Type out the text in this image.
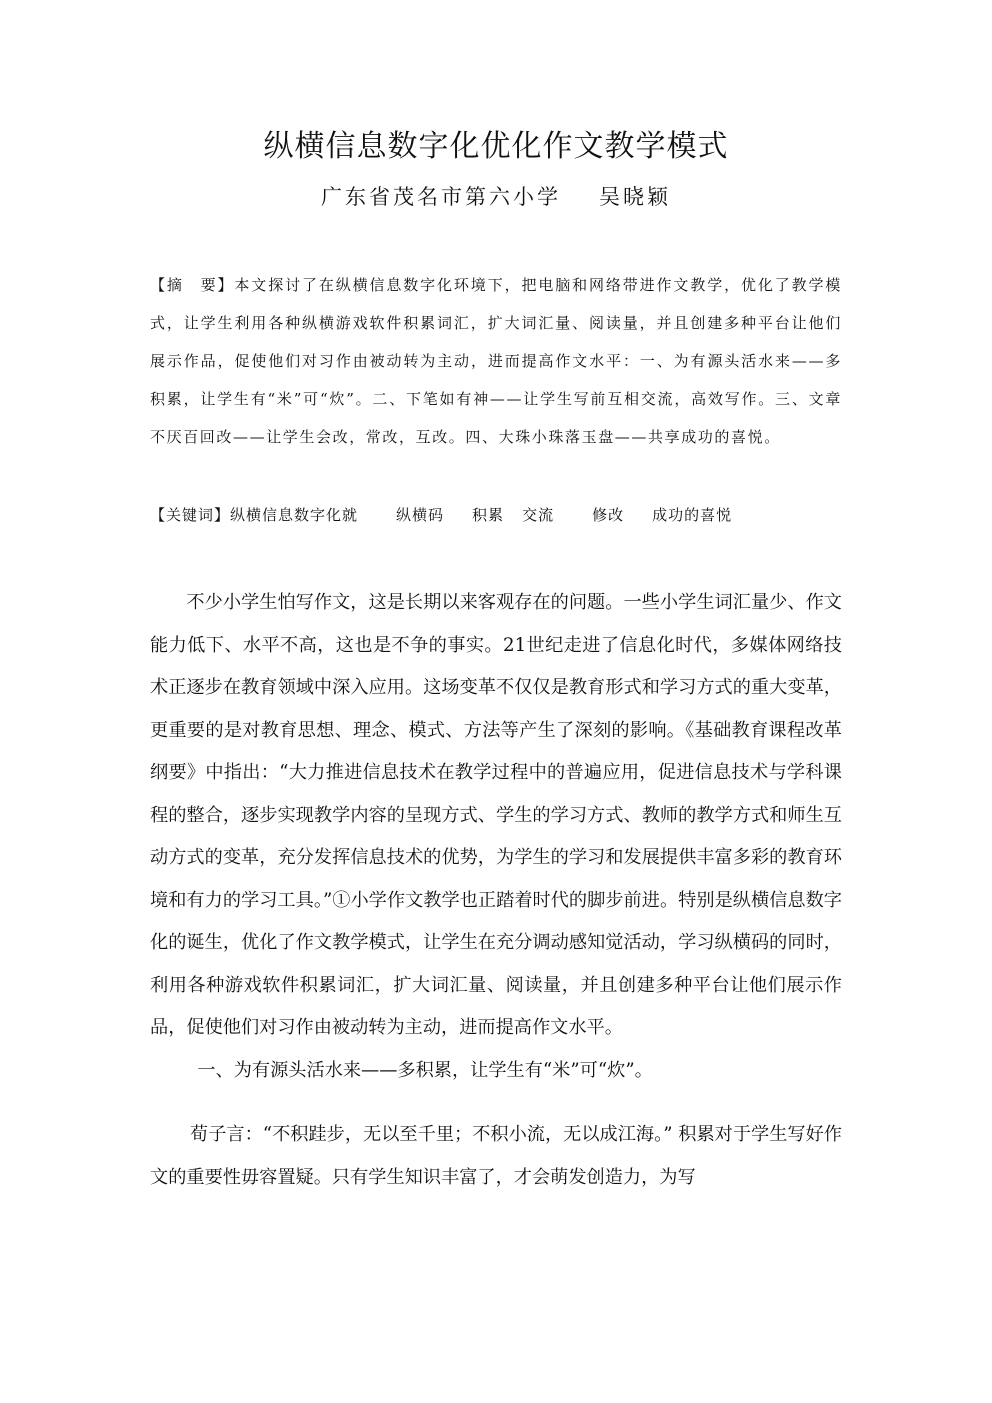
纵横信息数字化优化作文教学模式
广东省茂名市第六小学 吴晓颖
【摘　要】本文探讨了在纵横信息数字化环境下，把电脑和网络带进作文教学，优化了教学模式，让学生利用各种纵横游戏软件积累词汇，扩大词汇量、阅读量，并且创建多种平台让他们展示作品，促使他们对习作由被动转为主动，进而提高作文水平：一、为有源头活水来——多积累，让学生有“米”可“炊”。二、下笔如有神——让学生写前互相交流，高效写作。三、文章不厌百回改——让学生会改，常改，互改。四、大珠小珠落玉盘——共享成功的喜悦。
【关键词】纵横信息数字化就	纵横码 积累 交流	修改 成功的喜悦

不少小学生怕写作文，这是长期以来客观存在的问题。一些小学生词汇量少、作文能力低下、水平不高，这也是不争的事实。21世纪走进了信息化时代，多媒体网络技术正逐步在教育领域中深入应用。这场变革不仅仅是教育形式和学习方式的重大变革，更重要的是对教育思想、理念、模式、方法等产生了深刻的影响。《基础教育课程改革纲要》中指出：“大力推进信息技术在教学过程中的普遍应用，促进信息技术与学科课程的整合，逐步实现教学内容的呈现方式、学生的学习方式、教师的教学方式和师生互动方式的变革，充分发挥信息技术的优势，为学生的学习和发展提供丰富多彩的教育环境和有力的学习工具。”①小学作文教学也正踏着时代的脚步前进。特别是纵横信息数字化的诞生，优化了作文教学模式，让学生在充分调动感知觉活动，学习纵横码的同时，利用各种游戏软件积累词汇，扩大词汇量、阅读量，并且创建多种平台让他们展示作品，促使他们对习作由被动转为主动，进而提高作文水平。

一、为有源头活水来——多积累，让学生有“米”可“炊”。

荀子言：“不积跬步，无以至千里；不积小流，无以成江海。” 积累对于学生写好作文的重要性毋容置疑。只有学生知识丰富了，才会萌发创造力，为写
